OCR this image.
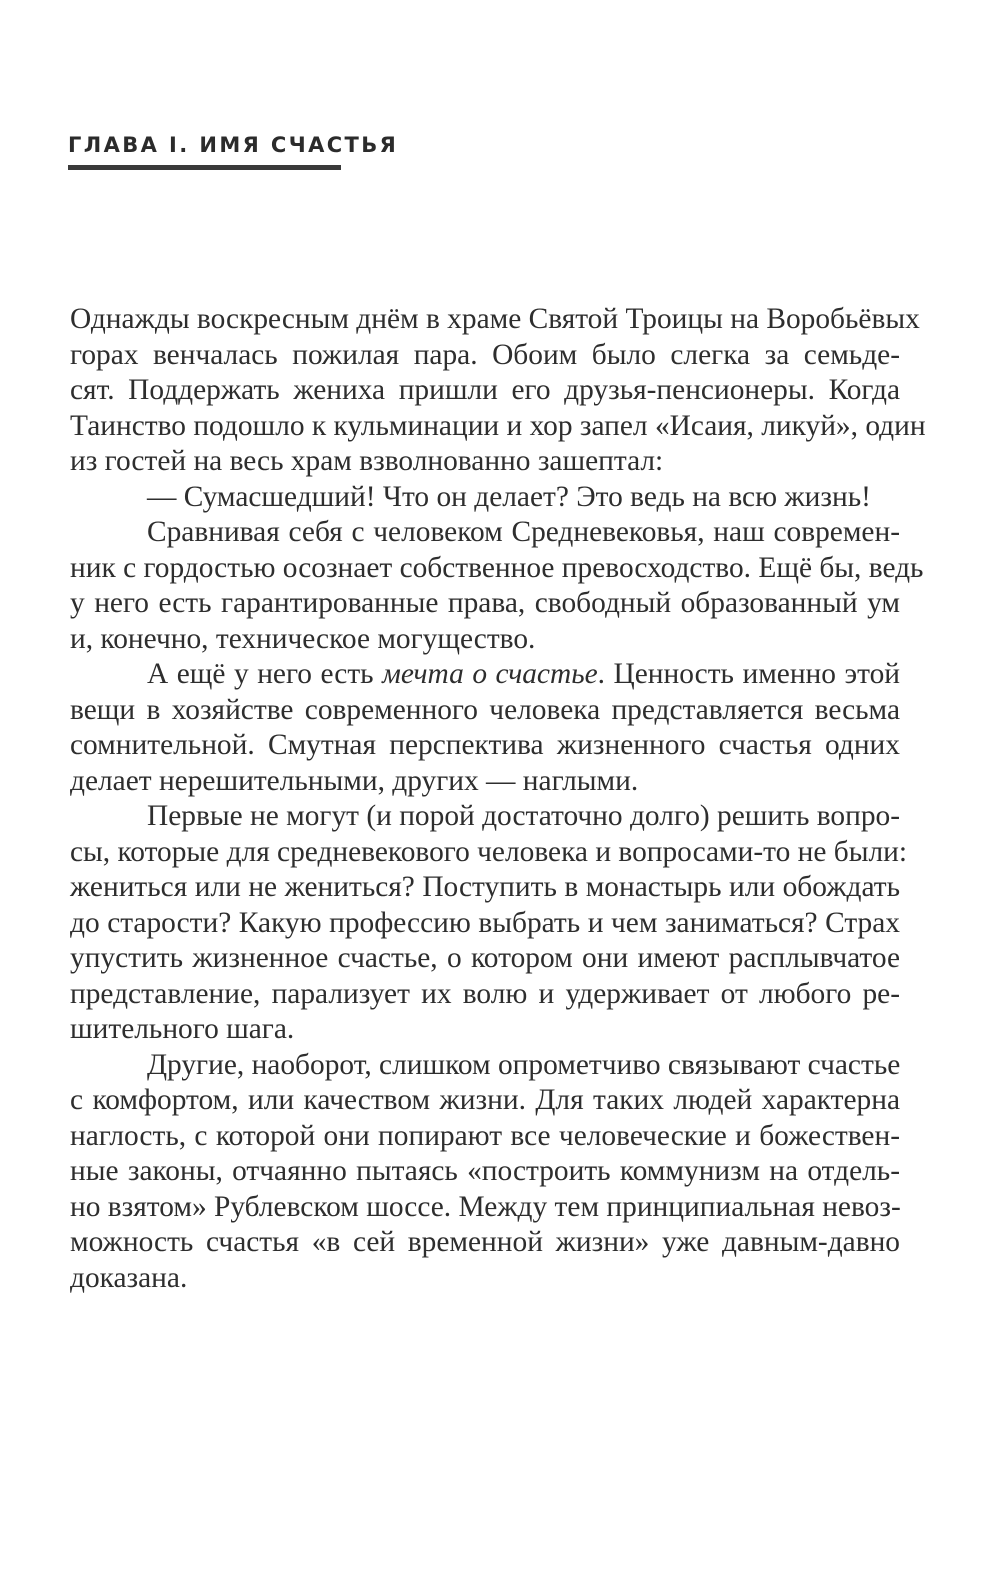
ГЛАВА I. ИМЯ СЧАСТЬЯ

Однажды воскресным днём в храме Святой Троицы на Воробьёвых
горах венчалась пожилая пара. Обоим было слегка за семьде-
сят. Поддержать жениха пришли его друзья-пенсионеры. Когда
Таинство подошло к кульминации и хор запел «Исаия, ликуй», один
из гостей на весь храм взволнованно зашептал:

— Сумасшедший! Что он делает? Это ведь на всю жизнь!

Сравнивая себя с человеком Средневековья, наш современ-
ник с гордостью осознает собственное превосходство. Ещё бы, ведь
у него есть гарантированные права, свободный образованный ум
и, конечно, техническое могущество.

А ещё у него есть мечта о счастье. Ценность именно этой
вещи в хозяйстве современного человека представляется весьма
сомнительной. Смутная перспектива жизненного счастья одних
делает нерешительными, других — наглыми.

Первые не могут (и порой достаточно долго) решить вопро-
сы, которые для средневекового человека и вопросами-то не были:
жениться или не жениться? Поступить в монастырь или обождать
до старости? Какую профессию выбрать и чем заниматься? Страх
упустить жизненное счастье, о котором они имеют расплывчатое
представление, парализует их волю и удерживает от любого ре-
шительного шага.

Другие, наоборот, слишком опрометчиво связывают счастье
с комфортом, или качеством жизни. Для таких людей характерна
наглость, с которой они попирают все человеческие и божествен-
ные законы, отчаянно пытаясь «построить коммунизм на отдель-
но взятом» Рублевском шоссе. Между тем принципиальная невоз-
можность счастья «в сей временной жизни» уже давным-давно
доказана.
